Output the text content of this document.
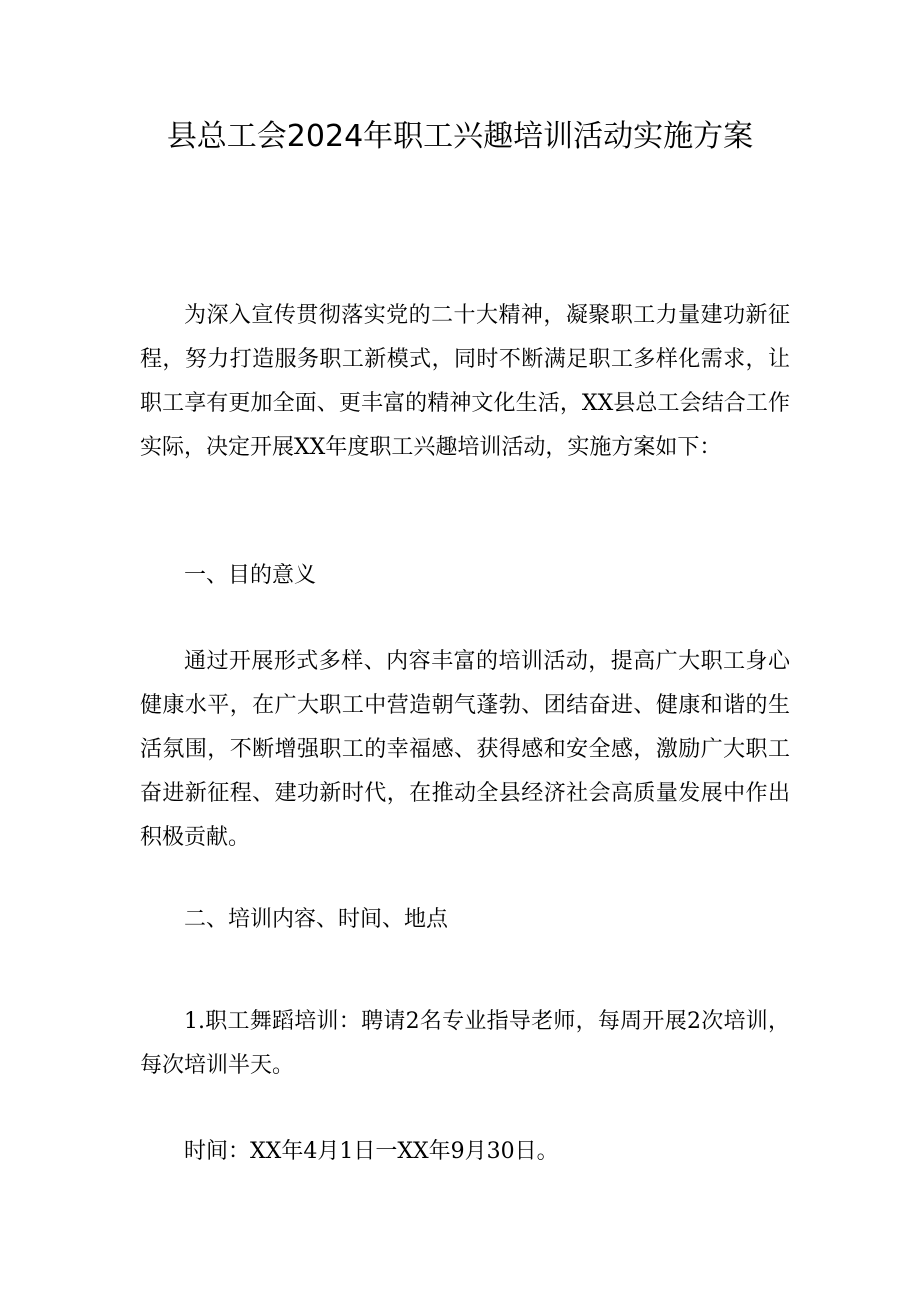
县总工会2024年职工兴趣培训活动实施方案

为深入宣传贯彻落实党的二十大精神，凝聚职工力量建功新征程，努力打造服务职工新模式，同时不断满足职工多样化需求，让职工享有更加全面、更丰富的精神文化生活，XX县总工会结合工作实际，决定开展XX年度职工兴趣培训活动，实施方案如下：

一、目的意义

通过开展形式多样、内容丰富的培训活动，提高广大职工身心健康水平，在广大职工中营造朝气蓬勃、团结奋进、健康和谐的生活氛围，不断增强职工的幸福感、获得感和安全感，激励广大职工奋进新征程、建功新时代，在推动全县经济社会高质量发展中作出积极贡献。

二、培训内容、时间、地点

1.职工舞蹈培训：聘请2名专业指导老师，每周开展2次培训，每次培训半天。

时间：XX年4月1日一XX年9月30日。
